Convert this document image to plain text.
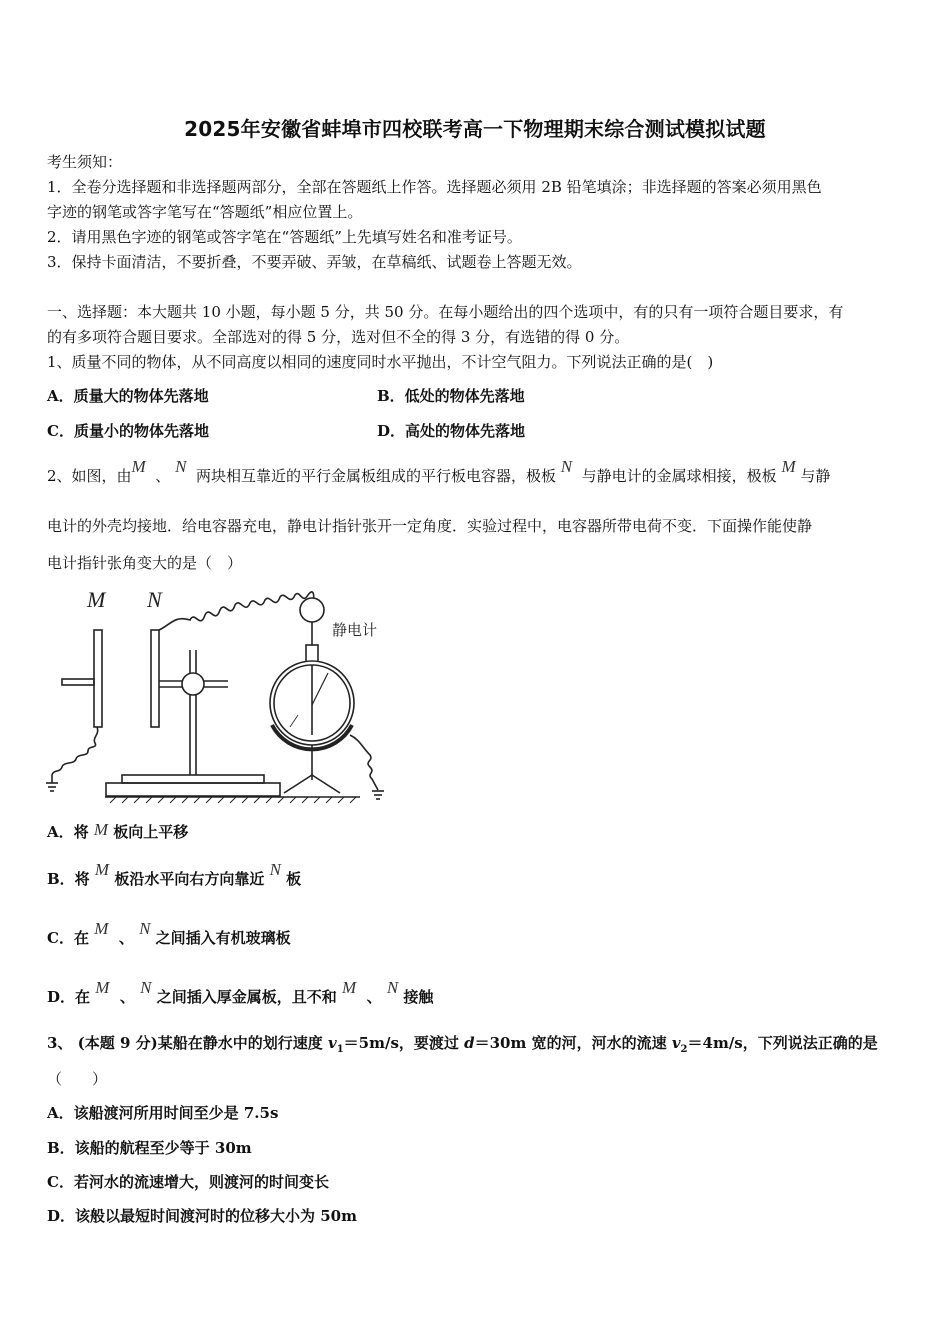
2025年安徽省蚌埠市四校联考高一下物理期末综合测试模拟试题
考生须知：
1．全卷分选择题和非选择题两部分，全部在答题纸上作答。选择题必须用 2B 铅笔填涂；非选择题的答案必须用黑色
字迹的钢笔或答字笔写在“答题纸”相应位置上。
2．请用黑色字迹的钢笔或答字笔在“答题纸”上先填写姓名和准考证号。
3．保持卡面清洁，不要折叠，不要弄破、弄皱，在草稿纸、试题卷上答题无效。
一、选择题：本大题共 10 小题，每小题 5 分，共 50 分。在每小题给出的四个选项中，有的只有一项符合题目要求，有
的有多项符合题目要求。全部选对的得 5 分，选对但不全的得 3 分，有选错的得 0 分。
1、质量不同的物体，从不同高度以相同的速度同时水平抛出，不计空气阻力。下列说法正确的是(　)
A．质量大的物体先落地	B．低处的物体先落地
C．质量小的物体先落地	D．高处的物体先落地
2、如图，由M 、 N 两块相互靠近的平行金属板组成的平行板电容器，极板 N 与静电计的金属球相接，极板 M 与静
电计的外壳均接地．给电容器充电，静电计指针张开一定角度．实验过程中，电容器所带电荷不变．下面操作能使静
电计指针张角变大的是（　）
M N
静电计
A．将 M 板向上平移
B．将 M 板沿水平向右方向靠近 N 板
C．在 M 、 N 之间插入有机玻璃板
D．在 M 、 N 之间插入厚金属板，且不和 M 、 N 接触
3、 (本题 9 分)某船在静水中的划行速度 $v_1=5m/s$，要渡过 d＝30m 宽的河，河水的流速 $v_2=4m/s$，下列说法正确的是
（　　）
A．该船渡河所用时间至少是 7.5s
B．该船的航程至少等于 30m
C．若河水的流速增大，则渡河的时间变长
D．该般以最短时间渡河时的位移大小为 50m
